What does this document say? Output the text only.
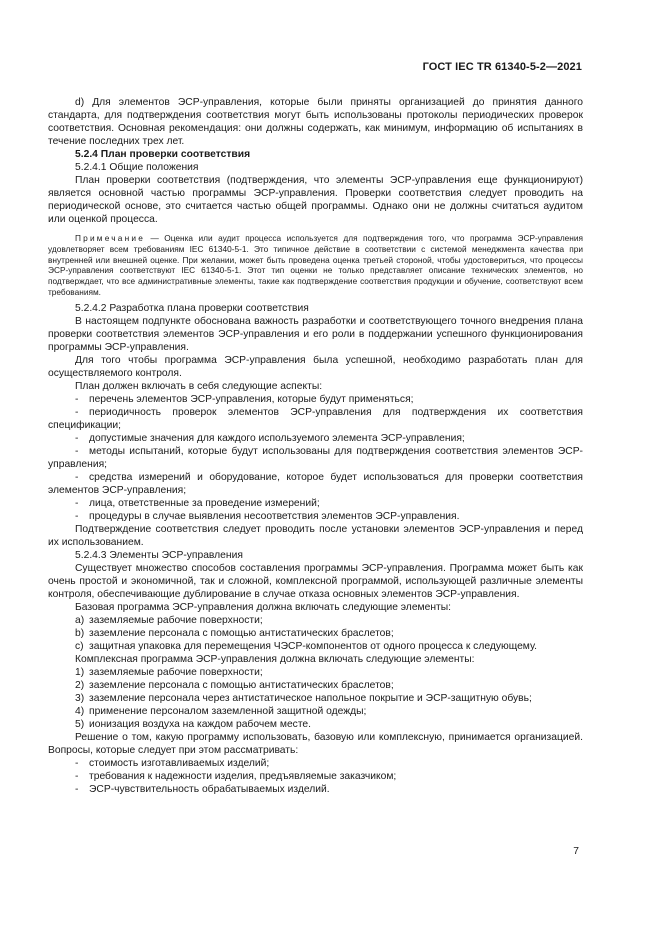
ГОСТ IEC TR 61340-5-2—2021

d) Для элементов ЭСР-управления, которые были приняты организацией до принятия данного стандарта, для подтверждения соответствия могут быть использованы протоколы периодических проверок соответствия. Основная рекомендация: они должны содержать, как минимум, информацию об испытаниях в течение последних трех лет.

5.2.4 План проверки соответствия

5.2.4.1 Общие положения

План проверки соответствия (подтверждения, что элементы ЭСР-управления еще функционируют) является основной частью программы ЭСР-управления. Проверки соответствия следует проводить на периодической основе, это считается частью общей программы. Однако они не должны считаться аудитом или оценкой процесса.

Примечание — Оценка или аудит процесса используется для подтверждения того, что программа ЭСР-управления удовлетворяет всем требованиям IEC 61340-5-1. Это типичное действие в соответствии с системой менеджмента качества при внутренней или внешней оценке. При желании, может быть проведена оценка третьей стороной, чтобы удостовериться, что процессы ЭСР-управления соответствуют IEC 61340-5-1. Этот тип оценки не только представляет описание технических элементов, но подтверждает, что все административные элементы, такие как подтверждение соответствия продукции и обучение, соответствуют всем требованиям.

5.2.4.2 Разработка плана проверки соответствия

В настоящем подпункте обоснована важность разработки и соответствующего точного внедрения плана проверки соответствия элементов ЭСР-управления и его роли в поддержании успешного функционирования программы ЭСР-управления.

Для того чтобы программа ЭСР-управления была успешной, необходимо разработать план для осуществляемого контроля.

План должен включать в себя следующие аспекты:

- перечень элементов ЭСР-управления, которые будут применяться;

- периодичность проверок элементов ЭСР-управления для подтверждения их соответствия спецификации;

- допустимые значения для каждого используемого элемента ЭСР-управления;

- методы испытаний, которые будут использованы для подтверждения соответствия элементов ЭСР-управления;

- средства измерений и оборудование, которое будет использоваться для проверки соответствия элементов ЭСР-управления;

- лица, ответственные за проведение измерений;

- процедуры в случае выявления несоответствия элементов ЭСР-управления.

Подтверждение соответствия следует проводить после установки элементов ЭСР-управления и перед их использованием.

5.2.4.3 Элементы ЭСР-управления

Существует множество способов составления программы ЭСР-управления. Программа может быть как очень простой и экономичной, так и сложной, комплексной программой, использующей различные элементы контроля, обеспечивающие дублирование в случае отказа основных элементов ЭСР-управления.

Базовая программа ЭСР-управления должна включать следующие элементы:

a) заземляемые рабочие поверхности;

b) заземление персонала с помощью антистатических браслетов;

c) защитная упаковка для перемещения ЧЭСР-компонентов от одного процесса к следующему.

Комплексная программа ЭСР-управления должна включать следующие элементы:

1) заземляемые рабочие поверхности;

2) заземление персонала с помощью антистатических браслетов;

3) заземление персонала через антистатическое напольное покрытие и ЭСР-защитную обувь;

4) применение персоналом заземленной защитной одежды;

5) ионизация воздуха на каждом рабочем месте.

Решение о том, какую программу использовать, базовую или комплексную, принимается организацией. Вопросы, которые следует при этом рассматривать:

- стоимость изготавливаемых изделий;

- требования к надежности изделия, предъявляемые заказчиком;

- ЭСР-чувствительность обрабатываемых изделий.

7
